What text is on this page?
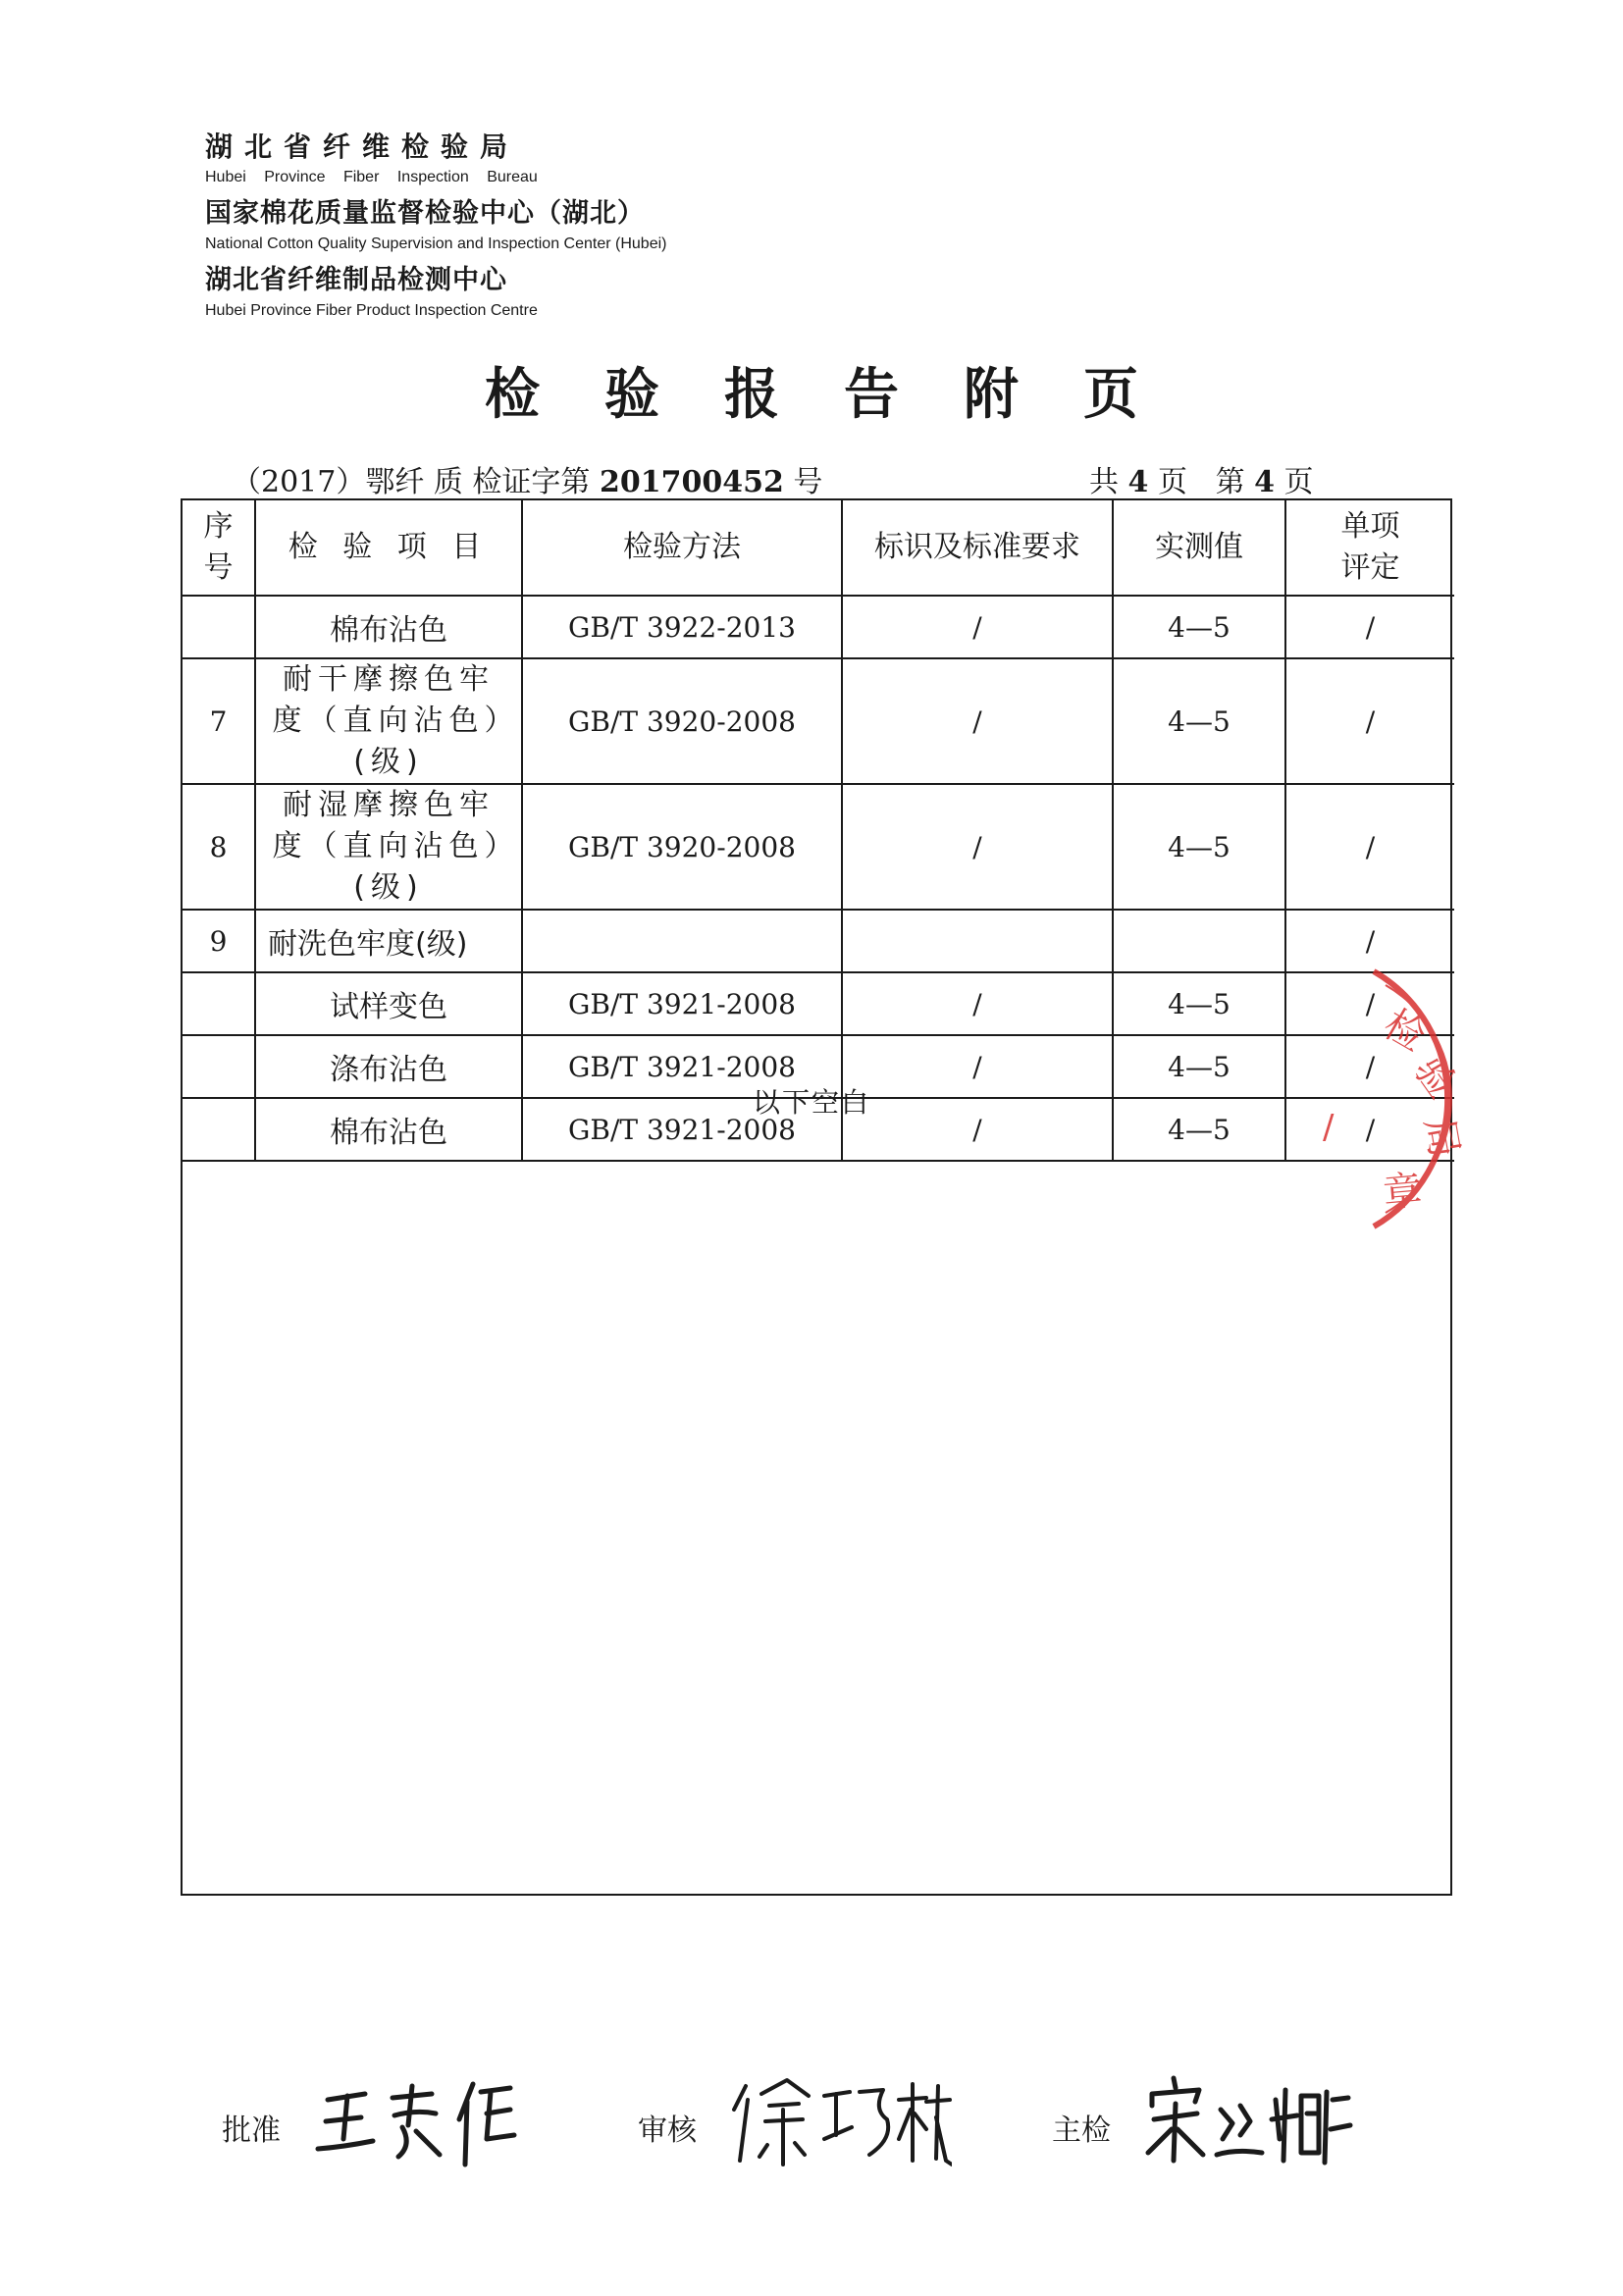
湖北省纤维检验局
Hubei Province Fiber Inspection Bureau
国家棉花质量监督检验中心（湖北）
National Cotton Quality Supervision and Inspection Center (Hubei)
湖北省纤维制品检测中心
Hubei Province Fiber Product Inspection Centre
检验报告附页
（2017）鄂纤 质 检证字第 201700452 号	共 4 页 第 4 页
序号	检 验 项 目	检验方法	标识及标准要求	实测值	单项评定

	棉布沾色	GB/T 3922-2013	/	4—5	/
7	耐干摩擦色牢度（直向沾色）(级)	GB/T 3920-2008	/	4—5	/
8	耐湿摩擦色牢度（直向沾色）(级)	GB/T 3920-2008	/	4—5	/
9	耐洗色牢度(级)				/
	试样变色	GB/T 3921-2008	/	4—5	/
	涤布沾色	GB/T 3921-2008	/	4—5	/
	棉布沾色	GB/T 3921-2008	/	4—5	/
以下空白
检
验
局
章
/
批准	审核	主检
